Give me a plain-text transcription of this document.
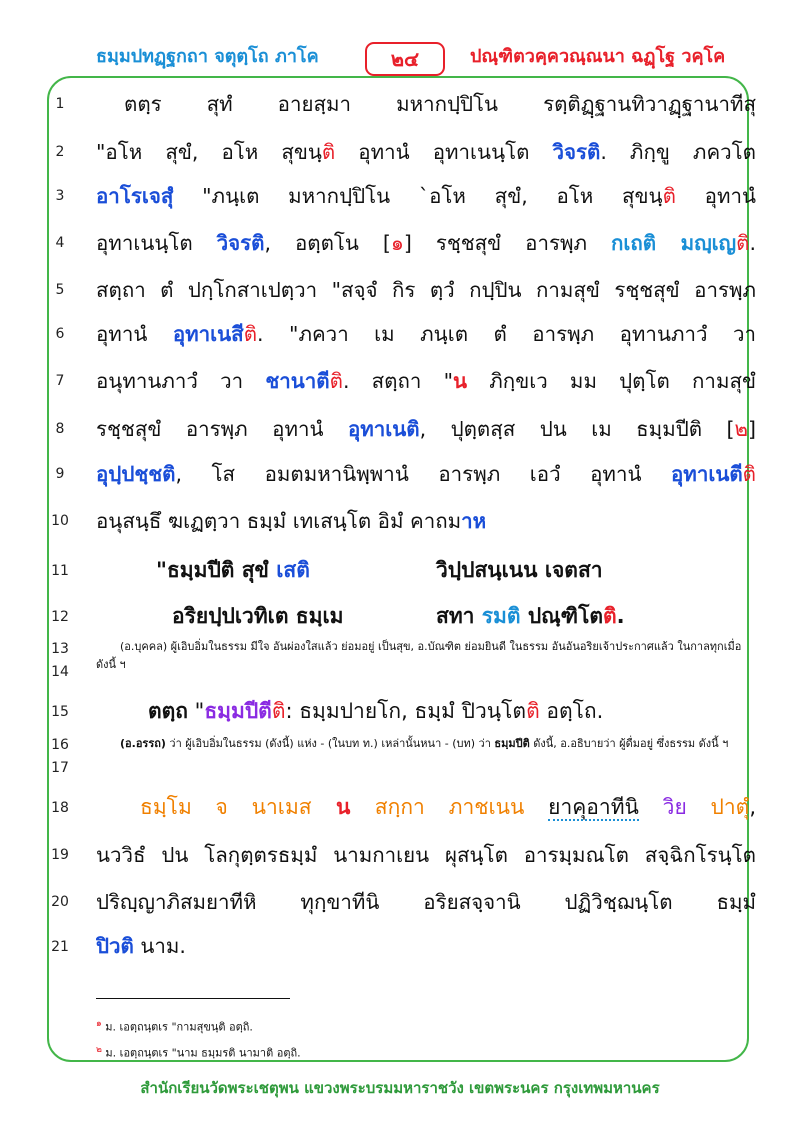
ธมฺมปทฏฺฐกถา จตุตฺโถ ภาโค	๒๔	ปณฺฑิตวคฺควณฺณนา ฉฏฺโฐ วคฺโค
1
2
3
4
5
6
7
8
9
10
11
12
13
14
15
16
17
18
19
20
21
ตตฺร สุทํ อายสฺมา มหากปฺปิโน รตฺติฏฺฐานทิวาฏฺฐานาทีสุ
"อโห สุขํ, อโห สุขนฺติ อุทานํ อุทาเนนฺโต วิจรติ. ภิกฺขู ภควโต
อาโรเจสุํ "ภนฺเต มหากปฺปิโน `อโห สุขํ, อโห สุขนฺติ อุทานํ
อุทาเนนฺโต วิจรติ, อตฺตโน [๑] รชฺชสุขํ อารพฺภ กเถติ มญฺเญติ.
สตฺถา ตํ ปกฺโกสาเปตฺวา "สจฺจํ กิร ตฺวํ กปฺปิน กามสุขํ รชฺชสุขํ อารพฺภ
อุทานํ อุทาเนสีติ. "ภควา เม ภนฺเต ตํ อารพฺภ อุทานภาวํ วา
อนุทานภาวํ วา ชานาตีติ. สตฺถา "น ภิกฺขเว มม ปุตฺโต กามสุขํ
รชฺชสุขํ อารพฺภ อุทานํ อุทาเนติ, ปุตฺตสฺส ปน เม ธมฺมปีติ [๒]
อุปฺปชฺชติ, โส อมตมหานิพฺพานํ อารพฺภ เอวํ อุทานํ อุทาเนตีติ
อนุสนฺธึ ฆเฏตฺวา ธมฺมํ เทเสนฺโต อิมํ คาถมาห
"ธมฺมปีติ สุขํ เสติ	วิปฺปสนฺเนน เจตสา
อริยปฺปเวทิเต ธมฺเม	สทา รมติ ปณฺฑิโตติ.
(อ.บุคคล) ผู้เอิบอิ่มในธรรม มีใจ อันผ่องใสแล้ว ย่อมอยู่ เป็นสุข, อ.บัณฑิต ย่อมยินดี ในธรรม อันอันอริยเจ้าประกาศแล้ว ในกาลทุกเมื่อ ดังนี้ ฯ
ตตฺถ "ธมฺมปีตีติ: ธมฺมปายโก, ธมฺมํ ปิวนฺโตติ อตฺโถ.
(อ.อรรถ) ว่า ผู้เอิบอิ่มในธรรม (ดังนี้) แห่ง - (ในบท ท.) เหล่านั้นหนา - (บท) ว่า ธมฺมปีติ ดังนี้, อ.อธิบายว่า ผู้ดื่มอยู่ ซึ่งธรรม ดังนี้ ฯ
ธมฺโม จ นาเมส น สกฺกา ภาชเนน ยาคุอาทีนิ วิย ปาตุํ,
นววิธํ ปน โลกุตฺตรธมฺมํ นามกาเยน ผุสนฺโต อารมฺมณโต สจฺฉิกโรนฺโต
ปริญฺญาภิสมยาทีหิ ทุกฺขาทีนิ อริยสจฺจานิ ปฏิวิชฺฌนฺโต ธมฺมํ
ปิวติ นาม.
$^๑$ ม. เอตฺถนฺตเร "กามสุขนฺติ อตฺถิ.
$^๒$ ม. เอตฺถนฺตเร "นาม ธมฺมรติ นามาติ อตฺถิ.
สำนักเรียนวัดพระเชตุพน แขวงพระบรมมหาราชวัง เขตพระนคร กรุงเทพมหานคร
